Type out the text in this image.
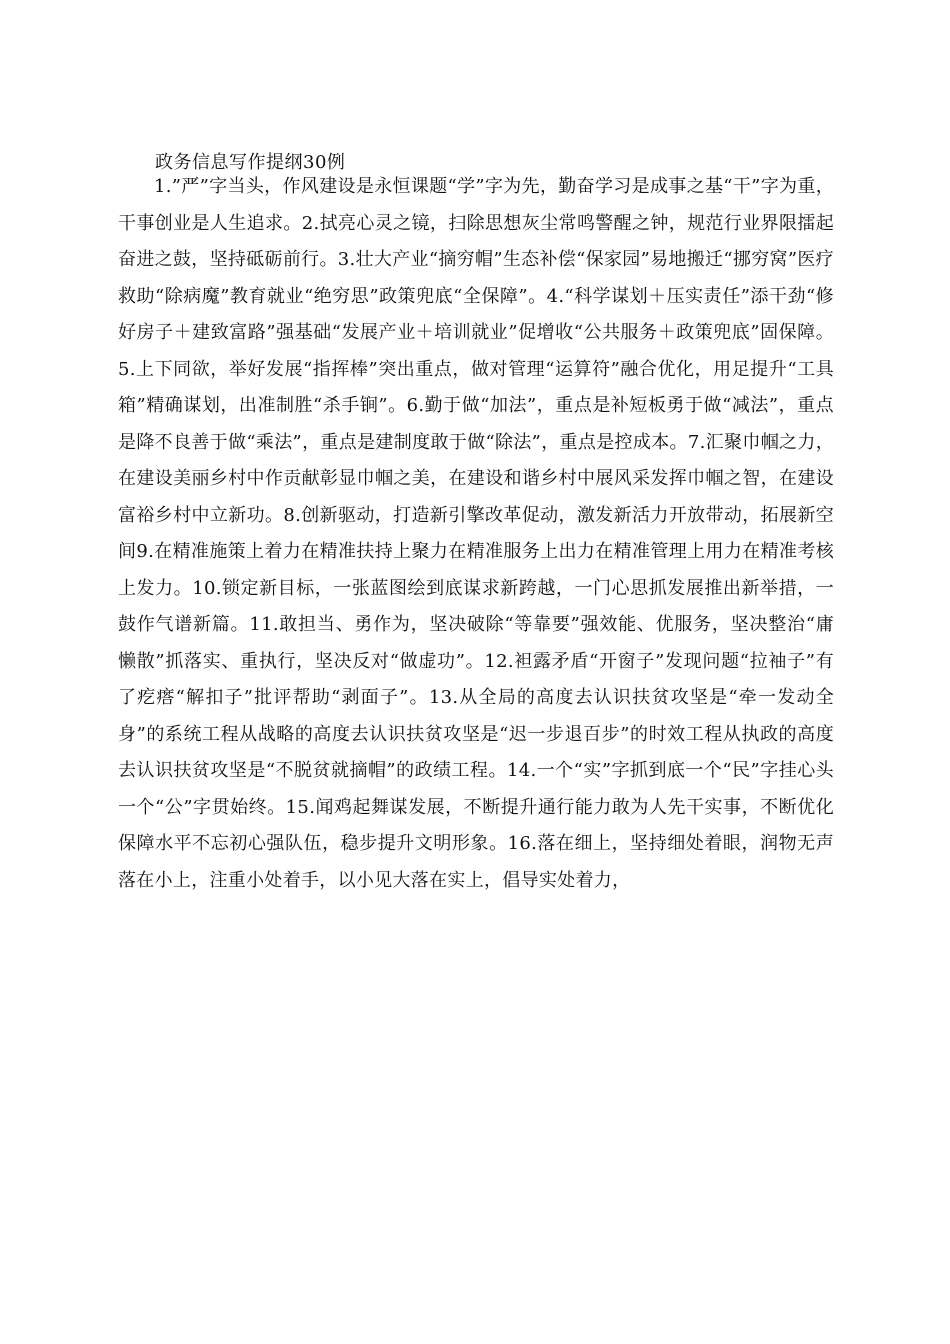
政务信息写作提纲30例

1.”严”字当头，作风建设是永恒课题“学”字为先，勤奋学习是成事之基“干”字为重，干事创业是人生追求。2.拭亮心灵之镜，扫除思想灰尘常鸣警醒之钟，规范行业界限擂起奋进之鼓，坚持砥砺前行。3.壮大产业“摘穷帽”生态补偿“保家园”易地搬迁“挪穷窝”医疗救助“除病魔”教育就业“绝穷思”政策兜底“全保障”。4.“科学谋划＋压实责任”添干劲“修好房子＋建致富路”强基础“发展产业＋培训就业”促增收“公共服务＋政策兜底”固保障。5.上下同欲，举好发展“指挥棒”突出重点，做对管理“运算符”融合优化，用足提升“工具箱”精确谋划，出准制胜“杀手锏”。6.勤于做“加法”，重点是补短板勇于做“减法”，重点是降不良善于做“乘法”，重点是建制度敢于做“除法”，重点是控成本。7.汇聚巾帼之力，在建设美丽乡村中作贡献彰显巾帼之美，在建设和谐乡村中展风采发挥巾帼之智，在建设富裕乡村中立新功。8.创新驱动，打造新引擎改革促动，激发新活力开放带动，拓展新空间9.在精准施策上着力在精准扶持上聚力在精准服务上出力在精准管理上用力在精准考核上发力。10.锁定新目标，一张蓝图绘到底谋求新跨越，一门心思抓发展推出新举措，一鼓作气谱新篇。11.敢担当、勇作为，坚决破除“等靠要”强效能、优服务，坚决整治“庸懒散”抓落实、重执行，坚决反对“做虚功”。12.袒露矛盾“开窗子”发现问题“拉袖子”有了疙瘩“解扣子”批评帮助“剥面子”。13.从全局的高度去认识扶贫攻坚是“牵一发动全身”的系统工程从战略的高度去认识扶贫攻坚是“迟一步退百步”的时效工程从执政的高度去认识扶贫攻坚是“不脱贫就摘帽”的政绩工程。14.一个“实”字抓到底一个“民”字挂心头一个“公”字贯始终。15.闻鸡起舞谋发展，不断提升通行能力敢为人先干实事，不断优化保障水平不忘初心强队伍，稳步提升文明形象。16.落在细上，坚持细处着眼，润物无声落在小上，注重小处着手，以小见大落在实上，倡导实处着力，
